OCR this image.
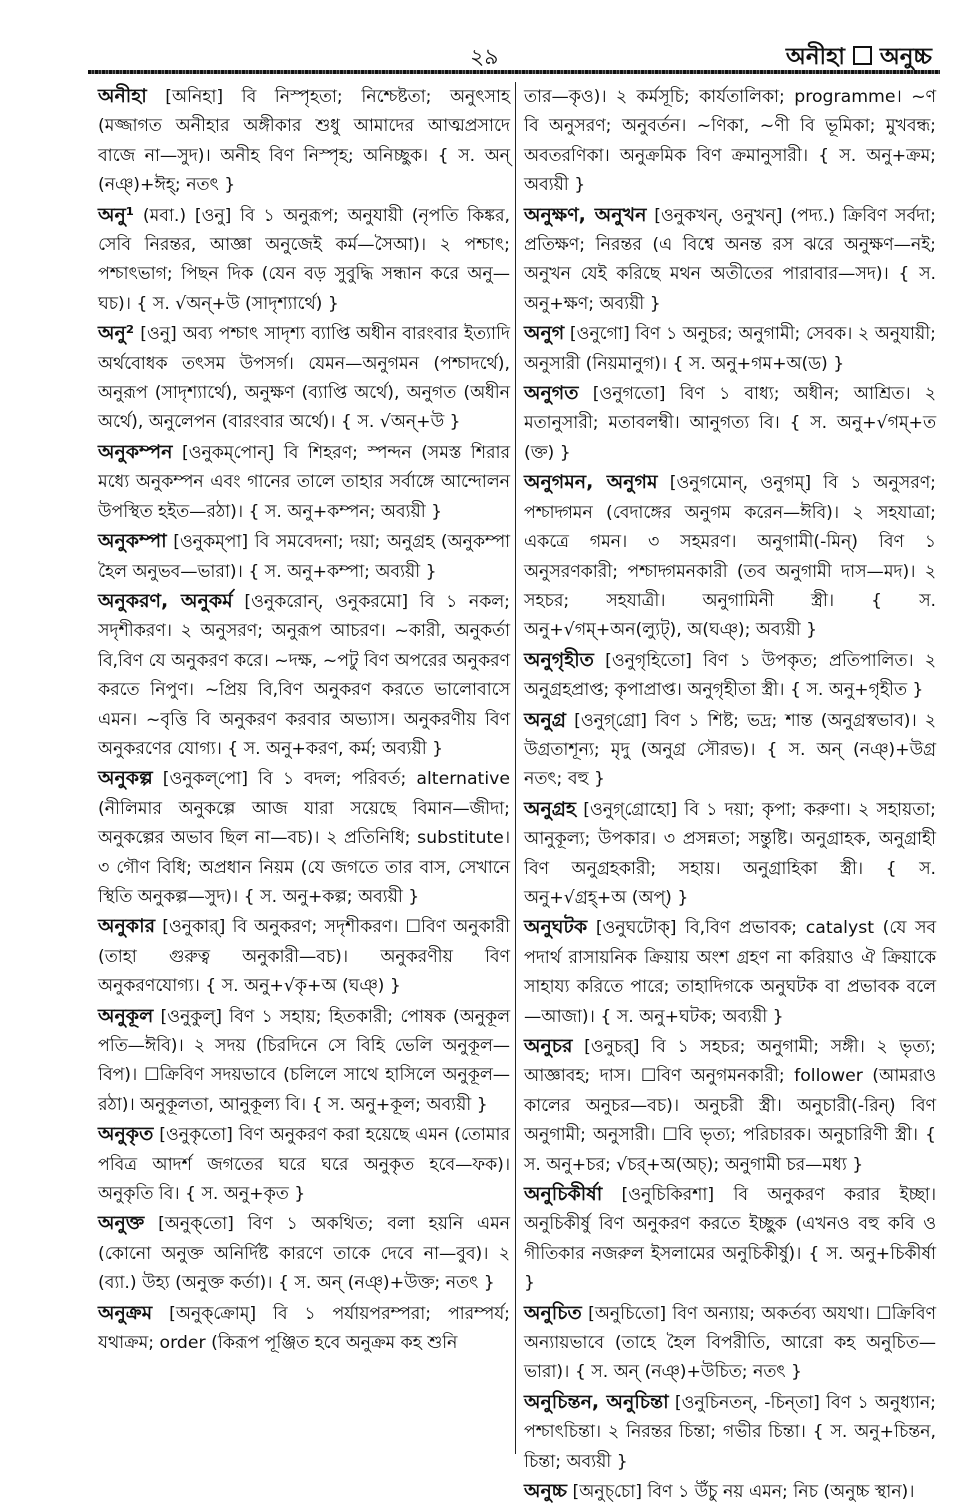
২৯	অনীহা অনুচ্চ

অনীহা [অনিহা] বি নিস্পৃহতা; নিশ্চেষ্টতা; অনুৎসাহ (মজ্জাগত অনীহার অঙ্গীকার শুধু আমাদের আত্মপ্রসাদে বাজে না—সুদ)। অনীহ বিণ নিস্পৃহ; অনিচ্ছুক। { স. অন্ (নঞ্)+ঈহ্; নতৎ }

অনু¹ (মবা.) [ওনু] বি ১ অনুরূপ; অনুযায়ী (নৃপতি কিঙ্কর, সেবি নিরন্তর, আজ্ঞা অনুজেই কর্ম—সৈআ)। ২ পশ্চাৎ; পশ্চাৎভাগ; পিছন দিক (যেন বড় সুবুদ্ধি সন্ধান করে অনু—ঘচ)। { স. √অন্+উ (সাদৃশ্যার্থে) }

অনু² [ওনু] অব্য পশ্চাৎ সাদৃশ্য ব্যাপ্তি অধীন বারংবার ইত্যাদি অর্থবোধক তৎসম উপসর্গ। যেমন—অনুগমন (পশ্চাদর্থে), অনুরূপ (সাদৃশ্যার্থে), অনুক্ষণ (ব্যাপ্তি অর্থে), অনুগত (অধীন অর্থে), অনুলেপন (বারংবার অর্থে)। { স. √অন্+উ }

অনুকম্পন [ওনুকম্‌পোন্] বি শিহরণ; স্পন্দন (সমস্ত শিরার মধ্যে অনুকম্পন এবং গানের তালে তাহার সর্বাঙ্গে আন্দোলন উপস্থিত হইত—রঠা)। { স. অনু+কম্পন; অব্যয়ী }

অনুকম্পা [ওনুকম্‌পা] বি সমবেদনা; দয়া; অনুগ্রহ (অনুকম্পা হৈল অনুভব—ভারা)। { স. অনু+কম্পা; অব্যয়ী }

অনুকরণ, অনুকর্ম [ওনুকরোন্, ওনুকরমো] বি ১ নকল; সদৃশীকরণ। ২ অনুসরণ; অনুরূপ আচরণ। ~কারী, অনুকর্তা বি,বিণ যে অনুকরণ করে। ~দক্ষ, ~পটু বিণ অপরের অনুকরণ করতে নিপুণ। ~প্রিয় বি,বিণ অনুকরণ করতে ভালোবাসে এমন। ~বৃত্তি বি অনুকরণ করবার অভ্যাস। অনুকরণীয় বিণ অনুকরণের যোগ্য। { স. অনু+করণ, কর্ম; অব্যয়ী }

অনুকল্প [ওনুকল্‌পো] বি ১ বদল; পরিবর্ত; alternative (নীলিমার অনুকল্পে আজ যারা সয়েছে বিমান—জীদা; অনুকল্পের অভাব ছিল না—বচ)। ২ প্রতিনিধি; substitute। ৩ গৌণ বিধি; অপ্রধান নিয়ম (যে জগতে তার বাস, সেখানে স্থিতি অনুকল্প—সুদ)। { স. অনু+কল্প; অব্যয়ী }

অনুকার [ওনুকার্] বি অনুকরণ; সদৃশীকরণ। ☐বিণ অনুকারী (তাহা গুরুত্ব অনুকারী—বচ)। অনুকরণীয় বিণ অনুকরণযোগ্য। { স. অনু+√কৃ+অ (ঘঞ্) }

অনুকূল [ওনুকুল্] বিণ ১ সহায়; হিতকারী; পোষক (অনুকূল পতি—ঈবি)। ২ সদয় (চিরদিনে সে বিহি ভেলি অনুকূল—বিপ)। ☐ক্রিবিণ সদয়ভাবে (চলিলে সাথে হাসিলে অনুকূল—রঠা)। অনুকূলতা, আনুকূল্য বি। { স. অনু+কূল; অব্যয়ী }

অনুকৃত [ওনুকৃতো] বিণ অনুকরণ করা হয়েছে এমন (তোমার পবিত্র আদর্শ জগতের ঘরে ঘরে অনুকৃত হবে—ফক)। অনুকৃতি বি। { স. অনু+কৃত }

অনুক্ত [অনুক্‌তো] বিণ ১ অকথিত; বলা হয়নি এমন (কোনো অনুক্ত অনির্দিষ্ট কারণে তাকে দেবে না—বুব)। ২ (ব্যা.) উহ্য (অনুক্ত কর্তা)। { স. অন্ (নঞ্)+উক্ত; নতৎ }

অনুক্রম [অনুক্‌ক্রোম্] বি ১ পর্যায়পরম্পরা; পারম্পর্য; যথাক্রম; order (কিরূপ পূঞ্জিত হবে অনুক্রম কহ শুনি

তার—কৃও)। ২ কর্মসূচি; কার্যতালিকা; programme। ~ণ বি অনুসরণ; অনুবর্তন। ~ণিকা, ~ণী বি ভূমিকা; মুখবন্ধ; অবতরণিকা। অনুক্রমিক বিণ ক্রমানুসারী। { স. অনু+ক্রম; অব্যয়ী }

অনুক্ষণ, অনুখন [ওনুকখন্, ওনুখন্] (পদ্য.) ক্রিবিণ সর্বদা; প্রতিক্ষণ; নিরন্তর (এ বিশ্বে অনন্ত রস ঝরে অনুক্ষণ—নই; অনুখন যেই করিছে মথন অতীতের পারাবার—সদ)। { স. অনু+ক্ষণ; অব্যয়ী }

অনুগ [ওনুগো] বিণ ১ অনুচর; অনুগামী; সেবক। ২ অনুযায়ী; অনুসারী (নিয়মানুগ)। { স. অনু+গম+অ(ড) }

অনুগত [ওনুগতো] বিণ ১ বাধ্য; অধীন; আশ্রিত। ২ মতানুসারী; মতাবলম্বী। আনুগত্য বি। { স. অনু+√গম্+ত (ক্ত) }

অনুগমন, অনুগম [ওনুগমোন্, ওনুগম্] বি ১ অনুসরণ; পশ্চাদ্গমন (বেদাঙ্গের অনুগম করেন—ঈবি)। ২ সহযাত্রা; একত্রে গমন। ৩ সহমরণ। অনুগামী(-মিন্) বিণ ১ অনুসরণকারী; পশ্চাদ্গমনকারী (তব অনুগামী দাস—মদ)। ২ সহচর; সহযাত্রী। অনুগামিনী স্ত্রী। { স. অনু+√গম্+অন(ল্যুট্), অ(ঘঞ্); অব্যয়ী }

অনুগৃহীত [ওনুগৃহিতো] বিণ ১ উপকৃত; প্রতিপালিত। ২ অনুগ্রহপ্রাপ্ত; কৃপাপ্রাপ্ত। অনুগৃহীতা স্ত্রী। { স. অনু+গৃহীত }

অনুগ্র [ওনুগ্‌গ্রো] বিণ ১ শিষ্ট; ভদ্র; শান্ত (অনুগ্রস্বভাব)। ২ উগ্রতাশূন্য; মৃদু (অনুগ্র সৌরভ)। { স. অন্ (নঞ্)+উগ্র নতৎ; বহু }

অনুগ্রহ [ওনুগ্‌গ্রোহো] বি ১ দয়া; কৃপা; করুণা। ২ সহায়তা; আনুকূল্য; উপকার। ৩ প্রসন্নতা; সন্তুষ্টি। অনুগ্রাহক, অনুগ্রাহী বিণ অনুগ্রহকারী; সহায়। অনুগ্রাহিকা স্ত্রী। { স. অনু+√গ্রহ্+অ (অপ্) }

অনুঘটক [ওনুঘটোক্] বি,বিণ প্রভাবক; catalyst (যে সব পদার্থ রাসায়নিক ক্রিয়ায় অংশ গ্রহণ না করিয়াও ঐ ক্রিয়াকে সাহায্য করিতে পারে; তাহাদিগকে অনুঘটক বা প্রভাবক বলে—আজা)। { স. অনু+ঘটক; অব্যয়ী }

অনুচর [ওনুচর্] বি ১ সহচর; অনুগামী; সঙ্গী। ২ ভৃত্য; আজ্ঞাবহ; দাস। ☐বিণ অনুগমনকারী; follower (আমরাও কালের অনুচর—বচ)। অনুচরী স্ত্রী। অনুচারী(-রিন্) বিণ অনুগামী; অনুসারী। ☐বি ভৃত্য; পরিচারক। অনুচারিণী স্ত্রী। { স. অনু+চর; √চর্+অ(অচ্); অনুগামী চর—মধ্য }

অনুচিকীর্ষা [ওনুচিকিরশা] বি অনুকরণ করার ইচ্ছা। অনুচিকীর্ষু বিণ অনুকরণ করতে ইচ্ছুক (এখনও বহু কবি ও গীতিকার নজরুল ইসলামের অনুচিকীর্ষু)। { স. অনু+চিকীর্ষা }

অনুচিত [অনুচিতো] বিণ অন্যায়; অকর্তব্য অযথা। ☐ক্রিবিণ অন্যায়ভাবে (তাহে হৈল বিপরীতি, আরো কহ অনুচিত—ভারা)। { স. অন্ (নঞ্)+উচিত; নতৎ }

অনুচিন্তন, অনুচিন্তা [ওনুচিনতন্, -চিন্‌তা] বিণ ১ অনুধ্যান; পশ্চাৎচিন্তা। ২ নিরন্তর চিন্তা; গভীর চিন্তা। { স. অনু+চিন্তন, চিন্তা; অব্যয়ী }

অনুচ্চ [অনুচ্‌চো] বিণ ১ উঁচু নয় এমন; নিচ (অনুচ্চ স্থান)।
